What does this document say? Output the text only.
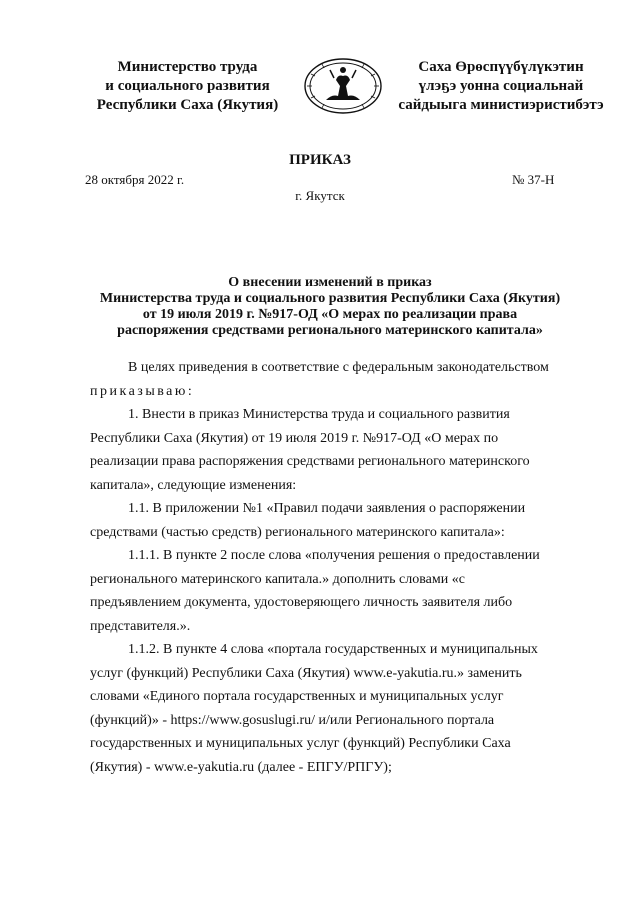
Министерство труда
и социального развития
Республики Саха (Якутия)
Саха Өрөспүүбүлүкэтин
үлэҕэ уонна социальнай
сайдыыга министиэристибэтэ
ПРИКАЗ
28 октября 2022 г.	№ 37-Н
г. Якутск
О внесении изменений в приказ
Министерства труда и социального развития Республики Саха (Якутия)
от 19 июля 2019 г. №917-ОД «О мерах по реализации права
распоряжения средствами регионального материнского капитала»
В целях приведения в соответствие с федеральным законодательством
приказываю:
1. Внести в приказ Министерства труда и социального развития
Республики Саха (Якутия) от 19 июля 2019 г. №917-ОД «О мерах по
реализации права распоряжения средствами регионального материнского
капитала», следующие изменения:
1.1. В приложении №1 «Правил подачи заявления о распоряжении
средствами (частью средств) регионального материнского капитала»:
1.1.1. В пункте 2 после слова «получения решения о предоставлении
регионального материнского капитала.» дополнить словами «с
предъявлением документа, удостоверяющего личность заявителя либо
представителя.».
1.1.2. В пункте 4 слова «портала государственных и муниципальных
услуг (функций) Республики Саха (Якутия) www.e-yakutia.ru.» заменить
словами «Единого портала государственных и муниципальных услуг
(функций)» - https://www.gosuslugi.ru/ и/или Регионального портала
государственных и муниципальных услуг (функций) Республики Саха
(Якутия) - www.e-yakutia.ru (далее - ЕПГУ/РПГУ);
